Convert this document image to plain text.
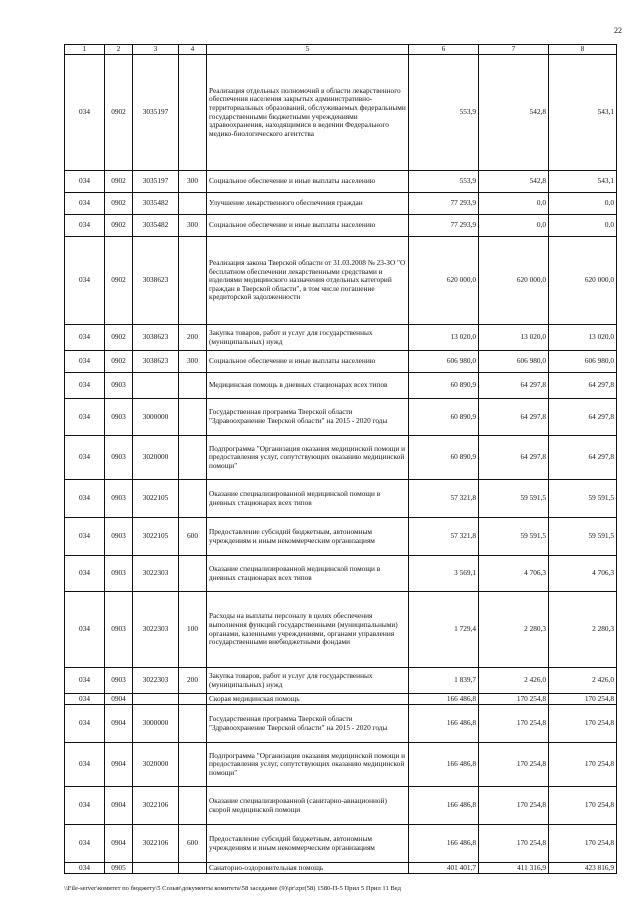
22
1	2	3	4	5	6	7	8
034	0902	3035197		Реализация отдельных полномочий в области лекарственного обеспечения населения закрытых административно-территориальных образований, обслуживаемых федеральными государственными бюджетными учреждениями здравоохранения, находящимися в ведении Федерального медико-биологического агентства	553,9	542,8	543,1
034	0902	3035197	300	Социальное обеспечение и иные выплаты населению	553,9	542,8	543,1
034	0902	3035482		Улучшение лекарственного обеспечения граждан	77 293,9	0,0	0,0
034	0902	3035482	300	Социальное обеспечение и иные выплаты населению	77 293,9	0,0	0,0
034	0902	3038623		Реализация закона Тверской области от 31.03.2008 № 23-ЗО "О бесплатном обеспечении лекарственными средствами и изделиями медицинского назначения отдельных категорий граждан в Тверской области", в том числе погашение кредиторской задолженности	620 000,0	620 000,0	620 000,0
034	0902	3038623	200	Закупка товаров, работ и услуг для государственных (муниципальных) нужд	13 020,0	13 020,0	13 020,0
034	0902	3038623	300	Социальное обеспечение и иные выплаты населению	606 980,0	606 980,0	606 980,0
034	0903			Медицинская помощь в дневных стационарах всех типов	60 890,9	64 297,8	64 297,8
034	0903	3000000		Государственная программа Тверской области "Здравоохранение Тверской области" на 2015 - 2020 годы	60 890,9	64 297,8	64 297,8
034	0903	3020000		Подпрограмма "Организация оказания медицинской помощи и предоставления услуг, сопутствующих оказанию медицинской помощи"	60 890,9	64 297,8	64 297,8
034	0903	3022105		Оказание специализированной медицинской помощи в дневных стационарах всех типов	57 321,8	59 591,5	59 591,5
034	0903	3022105	600	Предоставление субсидий бюджетным, автономным учреждениям и иным некоммерческим организациям	57 321,8	59 591,5	59 591,5
034	0903	3022303		Оказание специализированной медицинской помощи в дневных стационарах всех типов	3 569,1	4 706,3	4 706,3
034	0903	3022303	100	Расходы на выплаты персоналу в целях обеспечения выполнения функций государственными (муниципальными) органами, казенными учреждениями, органами управления государственными внебюджетными фондами	1 729,4	2 280,3	2 280,3
034	0903	3022303	200	Закупка товаров, работ и услуг для государственных (муниципальных) нужд	1 839,7	2 426,0	2 426,0
034	0904			Скорая медицинская помощь	166 486,8	170 254,8	170 254,8
034	0904	3000000		Государственная программа Тверской области "Здравоохранение Тверской области" на 2015 - 2020 годы	166 486,8	170 254,8	170 254,8
034	0904	3020000		Подпрограмма "Организация оказания медицинской помощи и предоставления услуг, сопутствующих оказанию медицинской помощи"	166 486,8	170 254,8	170 254,8
034	0904	3022106		Оказание специализированной (санитарно-авиационной) скорой медицинской помощи	166 486,8	170 254,8	170 254,8
034	0904	3022106	600	Предоставление субсидий бюджетным, автономным учреждениям и иным некоммерческим организациям	166 486,8	170 254,8	170 254,8
034	0905			Санаторно-оздоровительная помощь	401 401,7	411 316,9	423 816,9
\\File-server\комитет по бюджету\5 Созыв\документы комитета\58 заседание (9)\pr\zpr(58) 1580-П-5 Прил 5 Прил 11 Вед
